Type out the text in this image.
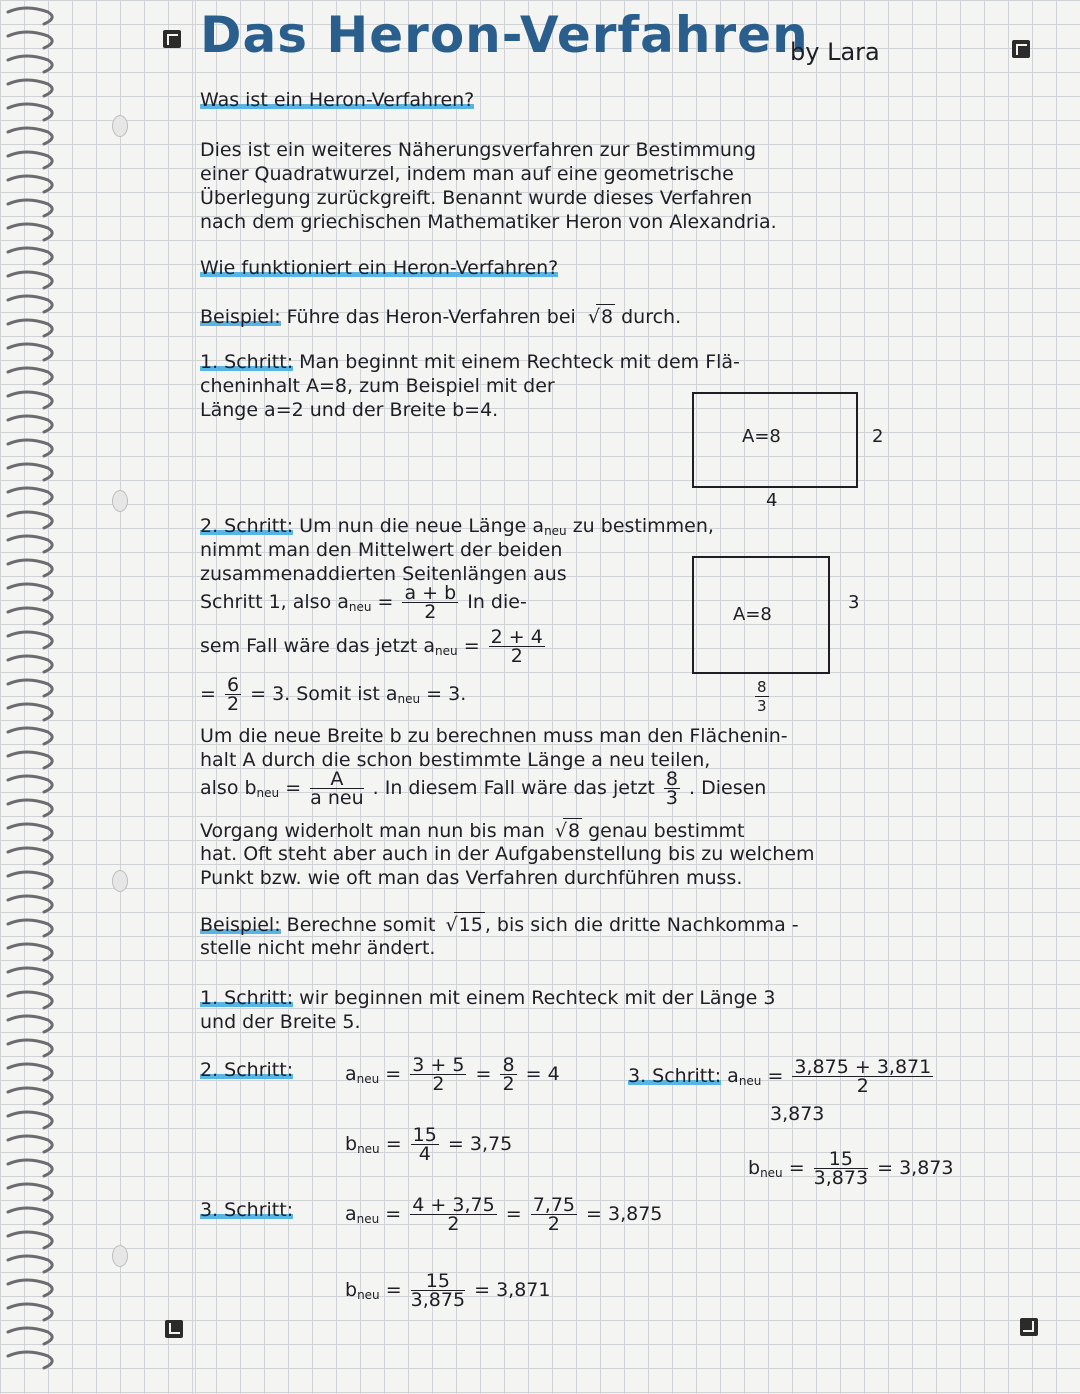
Das Heron-Verfahren
by Lara
Was ist ein Heron-Verfahren?
Dies ist ein weiteres Näherungsverfahren zur Bestimmung
einer Quadratwurzel, indem man auf eine geometrische
Überlegung zurückgreift. Benannt wurde dieses Verfahren
nach dem griechischen Mathematiker Heron von Alexandria.
Wie funktioniert ein Heron-Verfahren?
Beispiel: Führe das Heron-Verfahren bei √ 8 durch.
1. Schritt: Man beginnt mit einem Rechteck mit dem Flä-
cheninhalt A=8, zum Beispiel mit der
Länge a=2 und der Breite b=4.
A=8	2
4
2. Schritt: Um nun die neue Länge $a_{neu}$ zu bestimmen,
nimmt man den Mittelwert der beiden
zusammenaddierten Seitenlängen aus
Schritt 1, also $a_{neu} = \frac{a + b}{2}$ In die-
sem Fall wäre das jetzt $a_{neu} = \frac{2 + 4}{2}$
= $\frac{6}{2} = 3$. Somit ist $a_{neu} = 3$.
A=8
3
$\frac{8}{3}$
Um die neue Breite b zu berechnen muss man den Flächenin-
halt A durch die schon bestimmte Länge a neu teilen,
also $b_{neu} = \frac{A}{\text{a neu}}$ . In diesem Fall wäre das jetzt $\frac{8}{3}$ . Diesen
Vorgang widerholt man nun bis man √ 8 genau bestimmt
hat. Oft steht aber auch in der Aufgabenstellung bis zu welchem
Punkt bzw. wie oft man das Verfahren durchführen muss.
Beispiel: Berechne somit √ 15 , bis sich die dritte Nachkomma -
stelle nicht mehr ändert.
1. Schritt: wir beginnen mit einem Rechteck mit der Länge 3
und der Breite 5.
2. Schritt:	$a_{neu} = \frac{3 + 5}{2} = \frac{8}{2} = 4$
$b_{neu} = \frac{15}{4} = 3,75$
3. Schritt:	$a_{neu} = \frac{4 + 3,75}{2} = \frac{7,75}{2} = 3,875$
$b_{neu} = \frac{15}{3,875} = 3,871$
3. Schritt: $a_{neu} = \frac{3,875 + 3,871}{2}$
3,873
$b_{neu} = \frac{15}{3,873} = 3,873$
